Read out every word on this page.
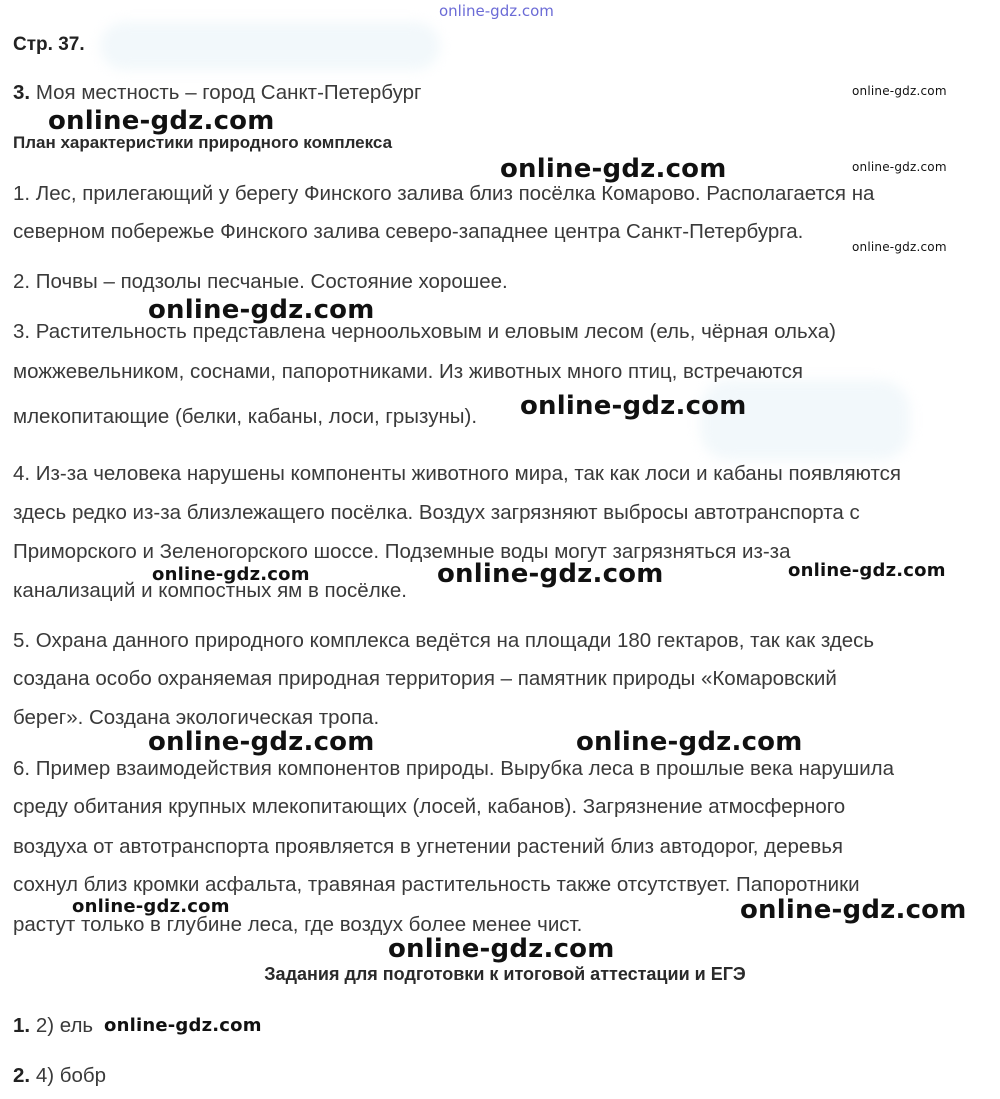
online-gdz.com
Стр. 37.
3. Моя местность – город Санкт-Петербург
План характеристики природного комплекса
1. Лес, прилегающий у берегу Финского залива близ посёлка Комарово. Располагается на
северном побережье Финского залива северо-западнее центра Санкт-Петербурга.
2. Почвы – подзолы песчаные. Состояние хорошее.
3. Растительность представлена черноольховым и еловым лесом (ель, чёрная ольха)
можжевельником, соснами, папоротниками. Из животных много птиц, встречаются
млекопитающие (белки, кабаны, лоси, грызуны).
4. Из-за человека нарушены компоненты животного мира, так как лоси и кабаны появляются
здесь редко из-за близлежащего посёлка. Воздух загрязняют выбросы автотранспорта с
Приморского и Зеленогорского шоссе. Подземные воды могут загрязняться из-за
канализаций и компостных ям в посёлке.
5. Охрана данного природного комплекса ведётся на площади 180 гектаров, так как здесь
создана особо охраняемая природная территория – памятник природы «Комаровский
берег». Создана экологическая тропа.
6. Пример взаимодействия компонентов природы. Вырубка леса в прошлые века нарушила
среду обитания крупных млекопитающих (лосей, кабанов). Загрязнение атмосферного
воздуха от автотранспорта проявляется в угнетении растений близ автодорог, деревья
сохнул близ кромки асфальта, травяная растительность также отсутствует. Папоротники
растут только в глубине леса, где воздух более менее чист.
Задания для подготовки к итоговой аттестации и ЕГЭ
1. 2) ель
2. 4) бобр
online-gdz.com
online-gdz.com
online-gdz.com	online-gdz.com
online-gdz.com
online-gdz.com
online-gdz.com
online-gdz.com	online-gdz.com	online-gdz.com
online-gdz.com	online-gdz.com
online-gdz.com	online-gdz.com
online-gdz.com
online-gdz.com
